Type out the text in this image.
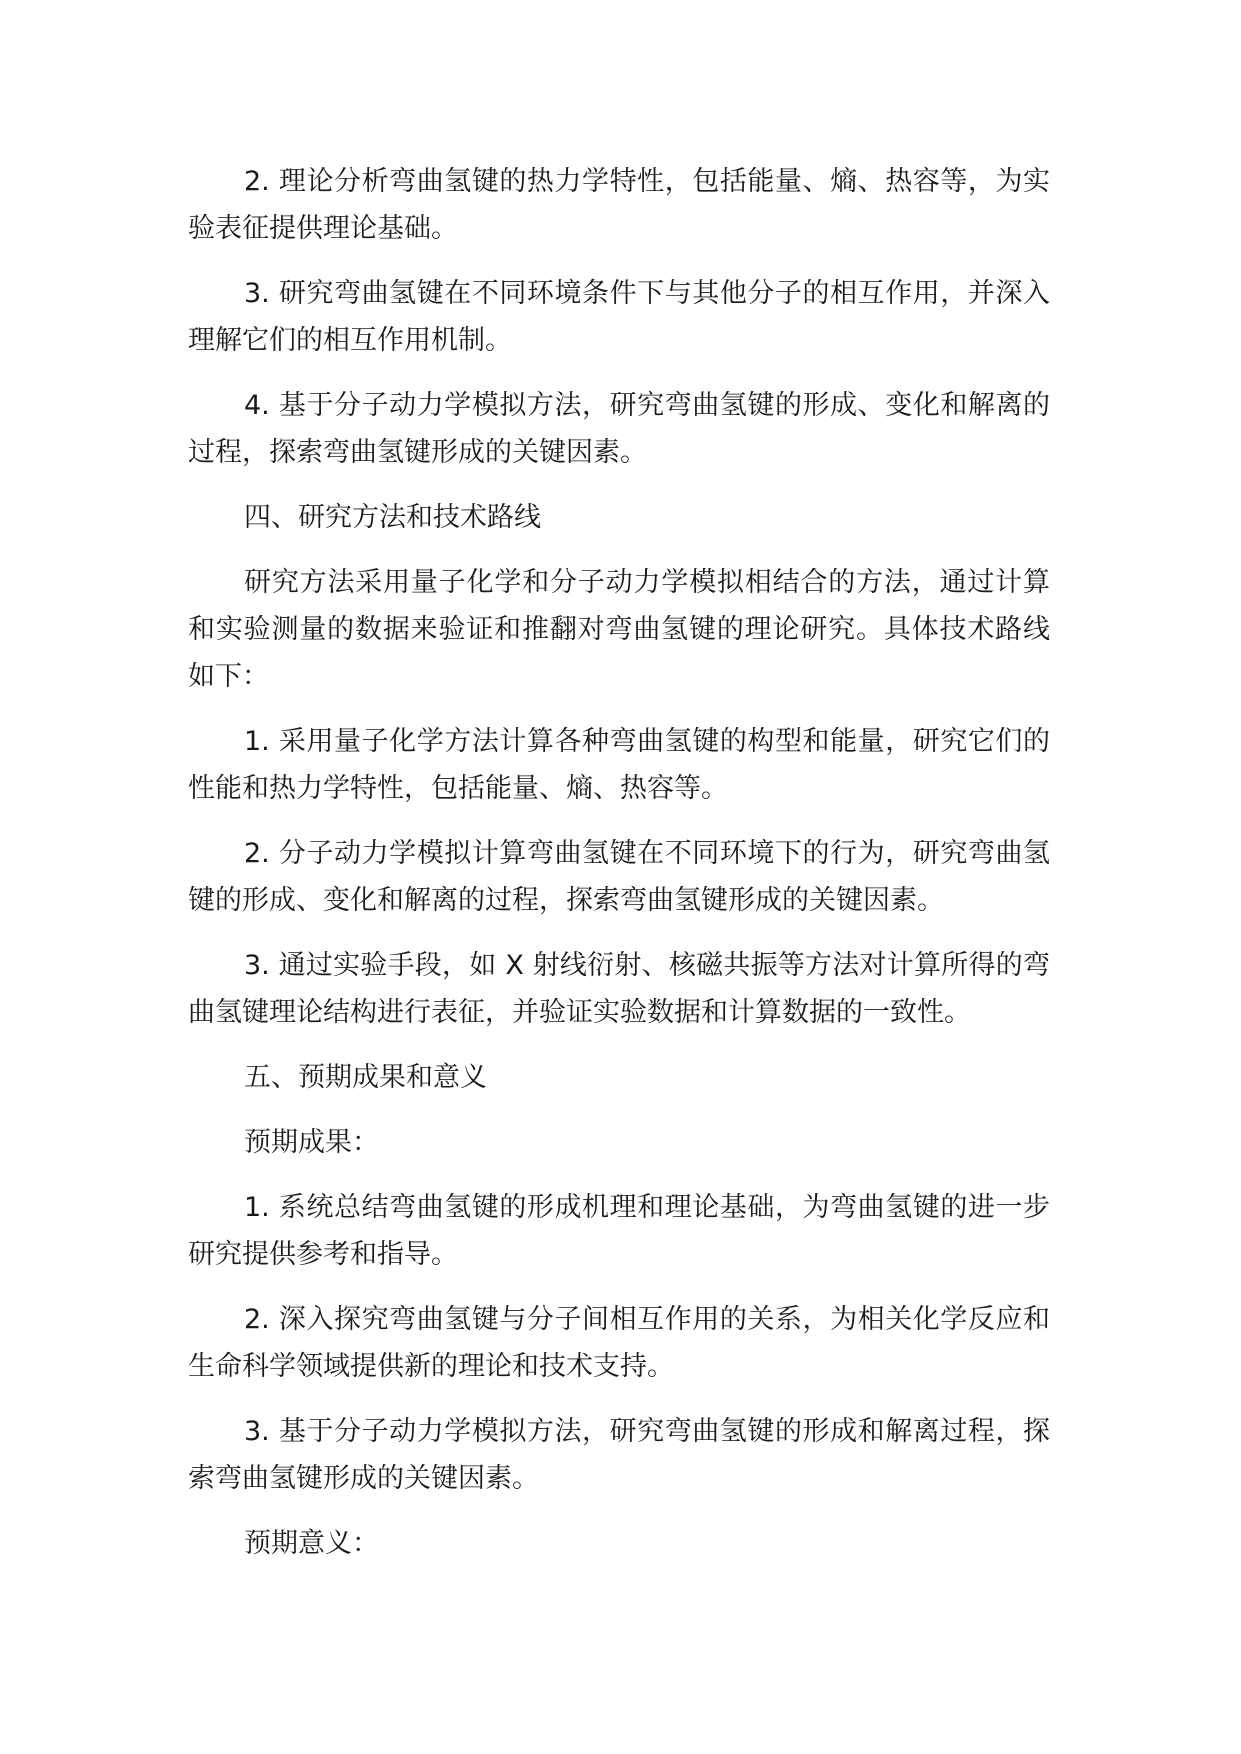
2. 理论分析弯曲氢键的热力学特性，包括能量、熵、热容等，为实验表征提供理论基础。

3. 研究弯曲氢键在不同环境条件下与其他分子的相互作用，并深入理解它们的相互作用机制。

4. 基于分子动力学模拟方法，研究弯曲氢键的形成、变化和解离的过程，探索弯曲氢键形成的关键因素。

四、研究方法和技术路线

研究方法采用量子化学和分子动力学模拟相结合的方法，通过计算和实验测量的数据来验证和推翻对弯曲氢键的理论研究。具体技术路线如下：

1. 采用量子化学方法计算各种弯曲氢键的构型和能量，研究它们的性能和热力学特性，包括能量、熵、热容等。

2. 分子动力学模拟计算弯曲氢键在不同环境下的行为，研究弯曲氢键的形成、变化和解离的过程，探索弯曲氢键形成的关键因素。

3. 通过实验手段，如 X 射线衍射、核磁共振等方法对计算所得的弯曲氢键理论结构进行表征，并验证实验数据和计算数据的一致性。

五、预期成果和意义

预期成果：

1. 系统总结弯曲氢键的形成机理和理论基础，为弯曲氢键的进一步研究提供参考和指导。

2. 深入探究弯曲氢键与分子间相互作用的关系，为相关化学反应和生命科学领域提供新的理论和技术支持。

3. 基于分子动力学模拟方法，研究弯曲氢键的形成和解离过程，探索弯曲氢键形成的关键因素。

预期意义：
